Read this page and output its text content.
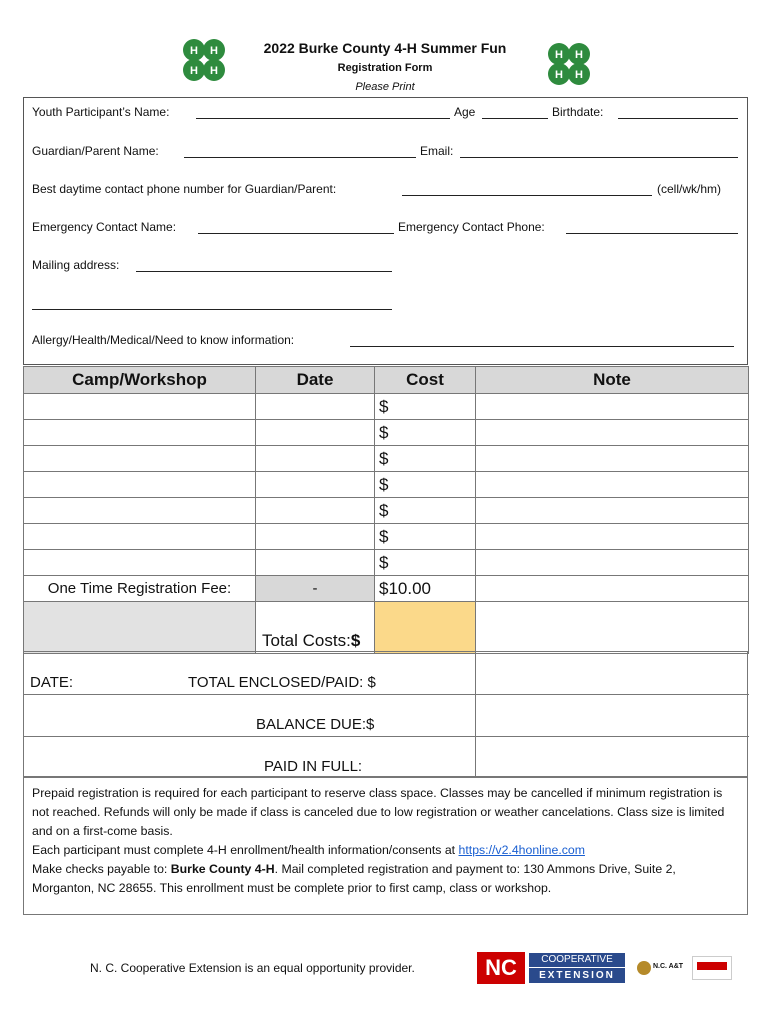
H H
H H
H H
H H
2022 Burke County 4-H Summer Fun
Registration Form
Please Print
Youth Participant’s Name:	Age	Birthdate:
Guardian/Parent Name:	Email:
Best daytime contact phone number for Guardian/Parent:	(cell/wk/hm)
Emergency Contact Name:	Emergency Contact Phone:
Mailing address:
Allergy/Health/Medical/Need to know information:
Camp/Workshop	Date	Cost	Note
		$	
		$	
		$	
		$	
		$	
		$	
		$	
One Time Registration Fee:	-	$10.00	
	Total Costs:$		
DATE:	TOTAL ENCLOSED/PAID: $
BALANCE DUE:$
PAID IN FULL:
Prepaid registration is required for each participant to reserve class space. Classes may be cancelled if minimum registration is not reached. Refunds will only be made if class is canceled due to low registration or weather cancelations. Class size is limited and on a first-come basis.
Each participant must complete 4-H enrollment/health information/consents at https://v2.4honline.com
Make checks payable to: Burke County 4-H. Mail completed registration and payment to: 130 Ammons Drive, Suite 2, Morganton, NC 28655. This enrollment must be complete prior to first camp, class or workshop.
N. C. Cooperative Extension is an equal opportunity provider.	NC	COOPERATIVE
EXTENSION
N.C. A&T
